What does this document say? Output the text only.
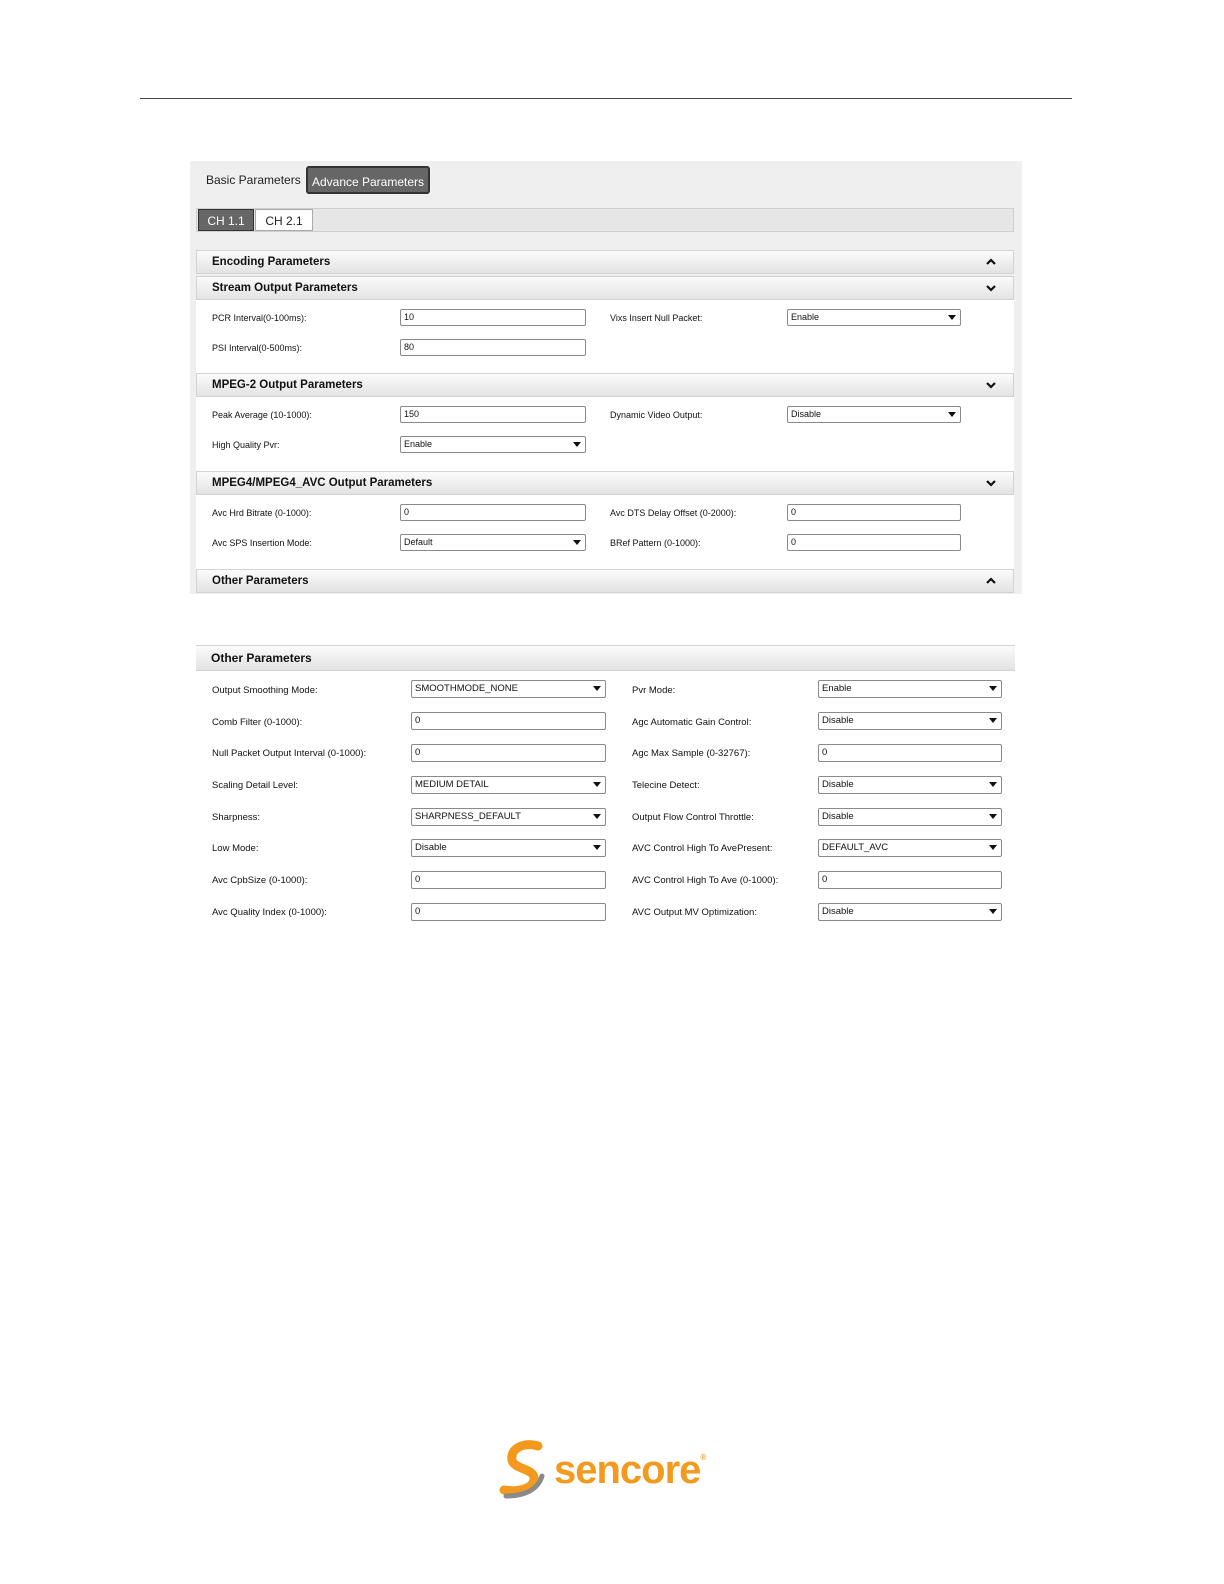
Basic Parameters Advance Parameters
CH 1.1	CH 2.1
Encoding Parameters
Stream Output Parameters
PCR Interval(0-100ms):	10
PSI Interval(0-500ms):	80
Vixs Insert Null Packet:	Enable
MPEG-2 Output Parameters
Peak Average (10-1000):	150
High Quality Pvr:	Enable
Dynamic Video Output:	Disable
MPEG4/MPEG4_AVC Output Parameters
Avc Hrd Bitrate (0-1000):	0
Avc SPS Insertion Mode:	Default
Avc DTS Delay Offset (0-2000):	0
BRef Pattern (0-1000):	0
Other Parameters
Other Parameters
Output Smoothing Mode:	SMOOTHMODE_NONE
Comb Filter (0-1000):	0
Null Packet Output Interval (0-1000):	0
Scaling Detail Level:	MEDIUM DETAIL
Sharpness:	SHARPNESS_DEFAULT
Low Mode:	Disable
Avc CpbSize (0-1000):	0
Avc Quality Index (0-1000):	0
Pvr Mode:	Enable
Agc Automatic Gain Control:	Disable
Agc Max Sample (0-32767):	0
Telecine Detect:	Disable
Output Flow Control Throttle:	Disable
AVC Control High To AvePresent:	DEFAULT_AVC
AVC Control High To Ave (0-1000):	0
AVC Output MV Optimization:	Disable
sencore®
